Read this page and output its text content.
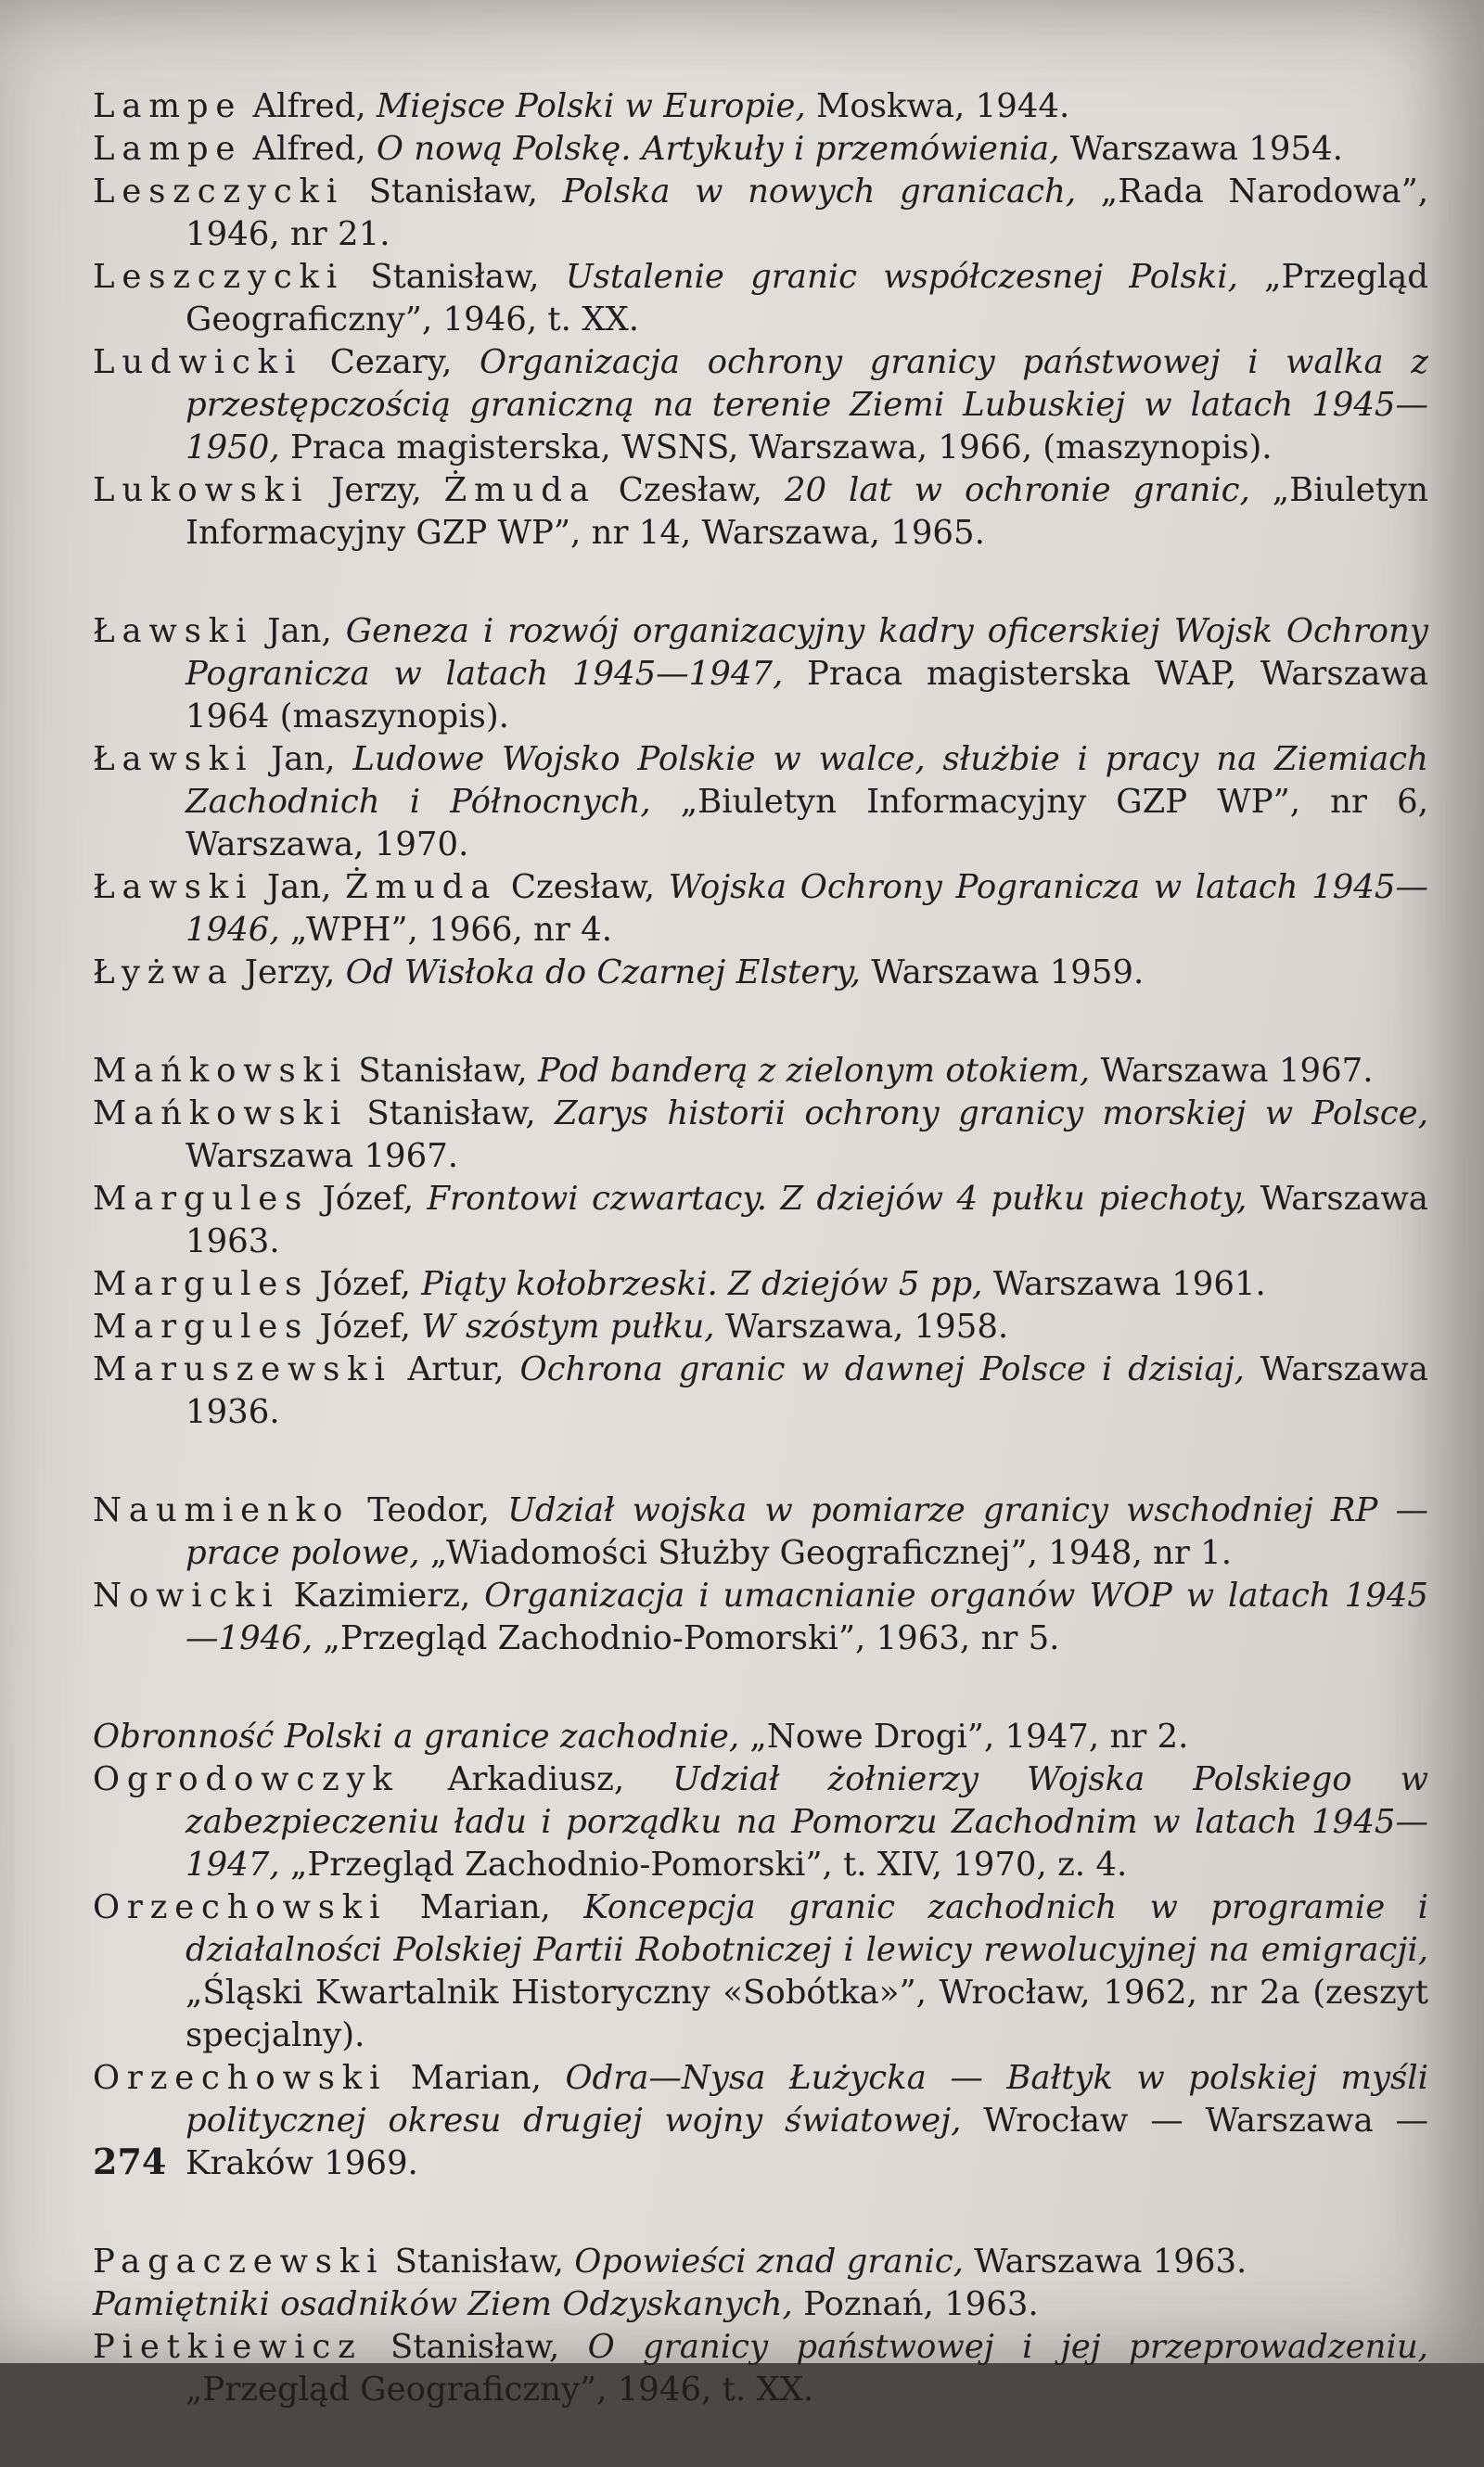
Lampe Alfred, Miejsce Polski w Europie, Moskwa, 1944.

Lampe Alfred, O nową Polskę. Artykuły i przemówienia, Warszawa 1954.

Leszczycki Stanisław, Polska w nowych granicach, „Rada Narodowa”, 1946, nr 21.

Leszczycki Stanisław, Ustalenie granic współczesnej Polski, „Przegląd Geograficzny”, 1946, t. XX.

Ludwicki Cezary, Organizacja ochrony granicy państwowej i walka z przestępczością graniczną na terenie Ziemi Lubuskiej w latach 1945—1950, Praca magisterska, WSNS, Warszawa, 1966, (maszynopis).

Lukowski Jerzy, Żmuda Czesław, 20 lat w ochronie granic, „Biuletyn Informacyjny GZP WP”, nr 14, Warszawa, 1965.

Ławski Jan, Geneza i rozwój organizacyjny kadry oficerskiej Wojsk Ochrony Pogranicza w latach 1945—1947, Praca magisterska WAP, Warszawa 1964 (maszynopis).

Ławski Jan, Ludowe Wojsko Polskie w walce, służbie i pracy na Ziemiach Zachodnich i Północnych, „Biuletyn Informacyjny GZP WP”, nr 6, Warszawa, 1970.

Ławski Jan, Żmuda Czesław, Wojska Ochrony Pogranicza w latach 1945—1946, „WPH”, 1966, nr 4.

Łyżwa Jerzy, Od Wisłoka do Czarnej Elstery, Warszawa 1959.

Mańkowski Stanisław, Pod banderą z zielonym otokiem, Warszawa 1967.

Mańkowski Stanisław, Zarys historii ochrony granicy morskiej w Polsce, Warszawa 1967.

Margules Józef, Frontowi czwartacy. Z dziejów 4 pułku piechoty, Warszawa 1963.

Margules Józef, Piąty kołobrzeski. Z dziejów 5 pp, Warszawa 1961.

Margules Józef, W szóstym pułku, Warszawa, 1958.

Maruszewski Artur, Ochrona granic w dawnej Polsce i dzisiaj, Warszawa 1936.

Naumienko Teodor, Udział wojska w pomiarze granicy wschodniej RP — prace polowe, „Wiadomości Służby Geograficznej”, 1948, nr 1.

Nowicki Kazimierz, Organizacja i umacnianie organów WOP w latach 1945—1946, „Przegląd Zachodnio-Pomorski”, 1963, nr 5.

Obronność Polski a granice zachodnie, „Nowe Drogi”, 1947, nr 2.

Ogrodowczyk Arkadiusz, Udział żołnierzy Wojska Polskiego w zabezpieczeniu ładu i porządku na Pomorzu Zachodnim w latach 1945—1947, „Przegląd Zachodnio-Pomorski”, t. XIV, 1970, z. 4.

Orzechowski Marian, Koncepcja granic zachodnich w programie i działalności Polskiej Partii Robotniczej i lewicy rewolucyjnej na emigracji, „Śląski Kwartalnik Historyczny «Sobótka»”, Wrocław, 1962, nr 2a (zeszyt specjalny).

Orzechowski Marian, Odra—Nysa Łużycka — Bałtyk w polskiej myśli politycznej okresu drugiej wojny światowej, Wrocław — Warszawa — Kraków 1969.

Pagaczewski Stanisław, Opowieści znad granic, Warszawa 1963.

Pamiętniki osadników Ziem Odzyskanych, Poznań, 1963.

Pietkiewicz Stanisław, O granicy państwowej i jej przeprowadzeniu, „Przegląd Geograficzny”, 1946, t. XX.

274
